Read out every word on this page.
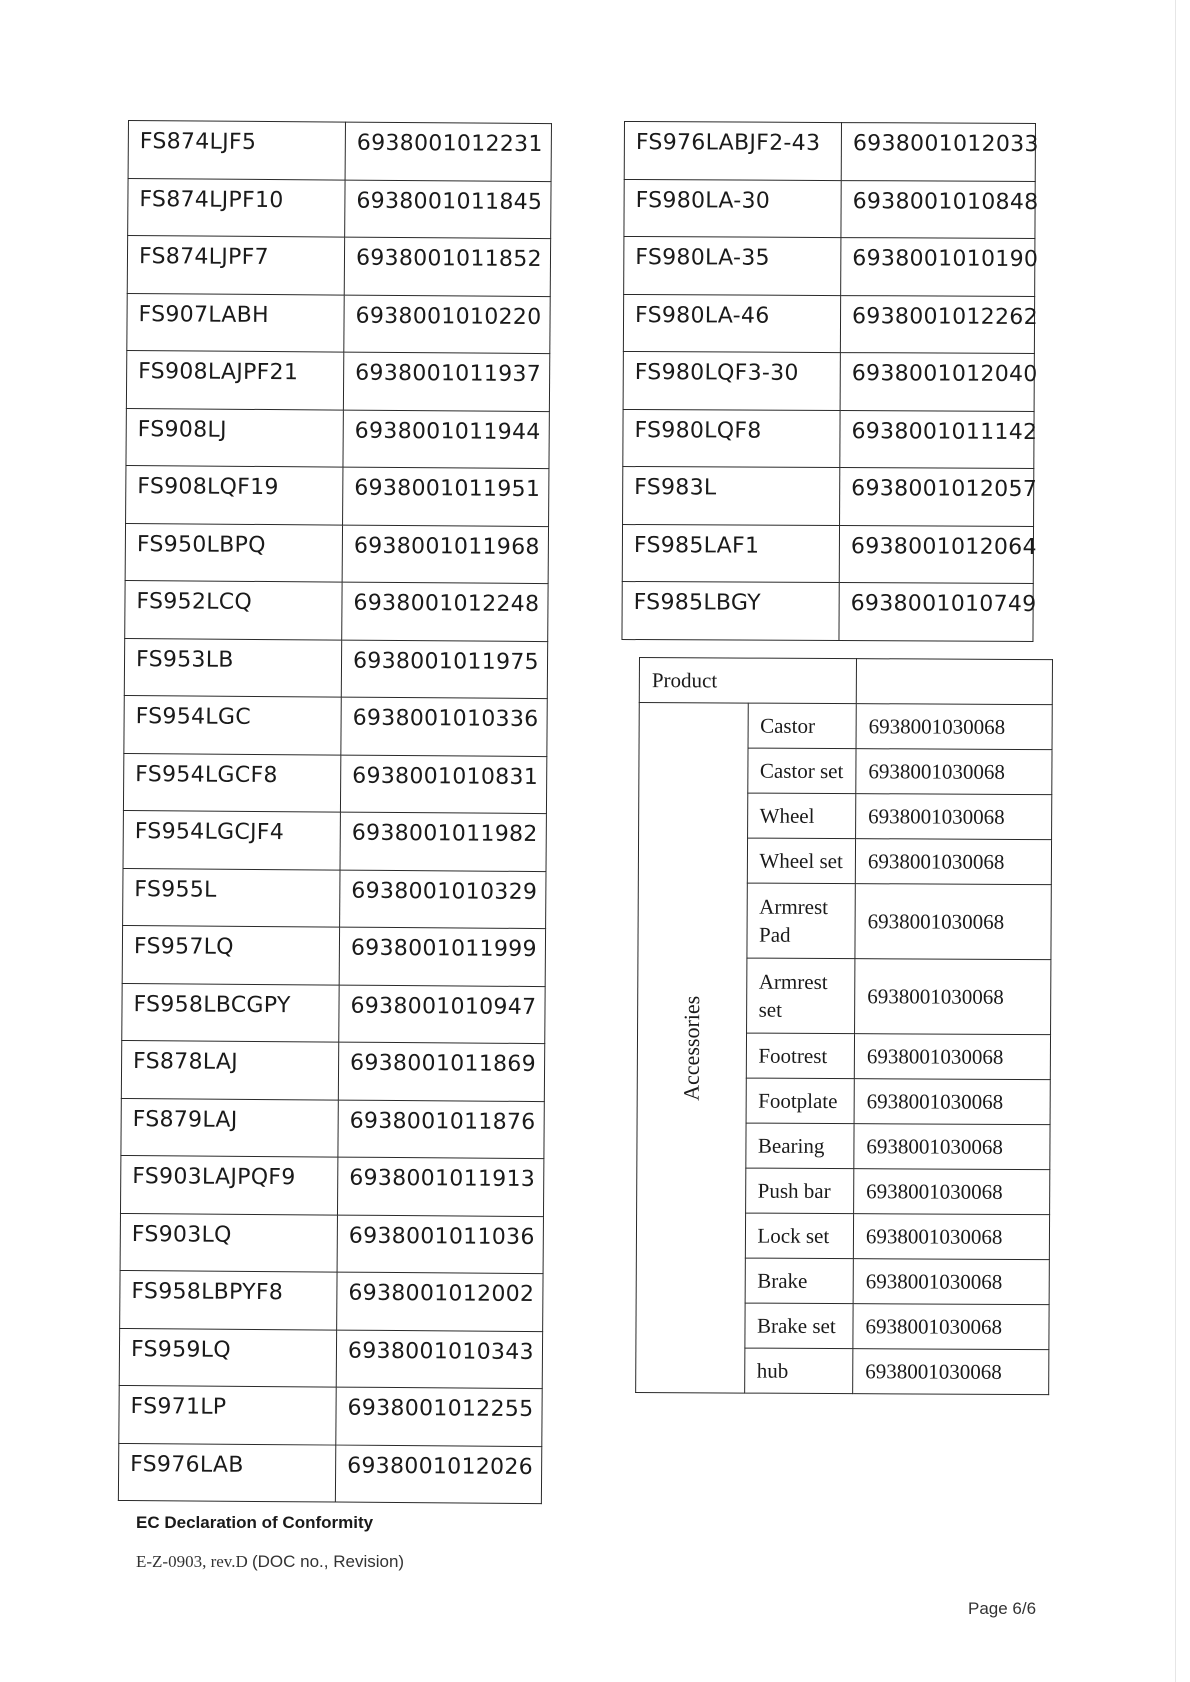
FS874LJF5	6938001012231

FS874LJPF10	6938001011845

FS874LJPF7	6938001011852

FS907LABH	6938001010220

FS908LAJPF21	6938001011937

FS908LJ	6938001011944

FS908LQF19	6938001011951

FS950LBPQ	6938001011968

FS952LCQ	6938001012248

FS953LB	6938001011975

FS954LGC	6938001010336

FS954LGCF8	6938001010831

FS954LGCJF4	6938001011982

FS955L	6938001010329

FS957LQ	6938001011999

FS958LBCGPY	6938001010947

FS878LAJ	6938001011869

FS879LAJ	6938001011876

FS903LAJPQF9	6938001011913

FS903LQ	6938001011036

FS958LBPYF8	6938001012002

FS959LQ	6938001010343

FS971LP	6938001012255

FS976LAB	6938001012026
FS976LABJF2-43	6938001012033

FS980LA-30	6938001010848

FS980LA-35	6938001010190

FS980LA-46	6938001012262

FS980LQF3-30	6938001012040

FS980LQF8	6938001011142

FS983L	6938001012057

FS985LAF1	6938001012064

FS985LBGY	6938001010749
Product		

Accessories	Castor	6938001030068

	Castor set	6938001030068

	Wheel	6938001030068

	Wheel set	6938001030068

	Armrest Pad	6938001030068

	Armrest set	6938001030068

	Footrest	6938001030068

	Footplate	6938001030068

	Bearing	6938001030068

	Push bar	6938001030068

	Lock set	6938001030068

	Brake	6938001030068

	Brake set	6938001030068

	hub	6938001030068
EC Declaration of Conformity
E-Z-0903, rev.D (DOC no., Revision)
Page 6/6
